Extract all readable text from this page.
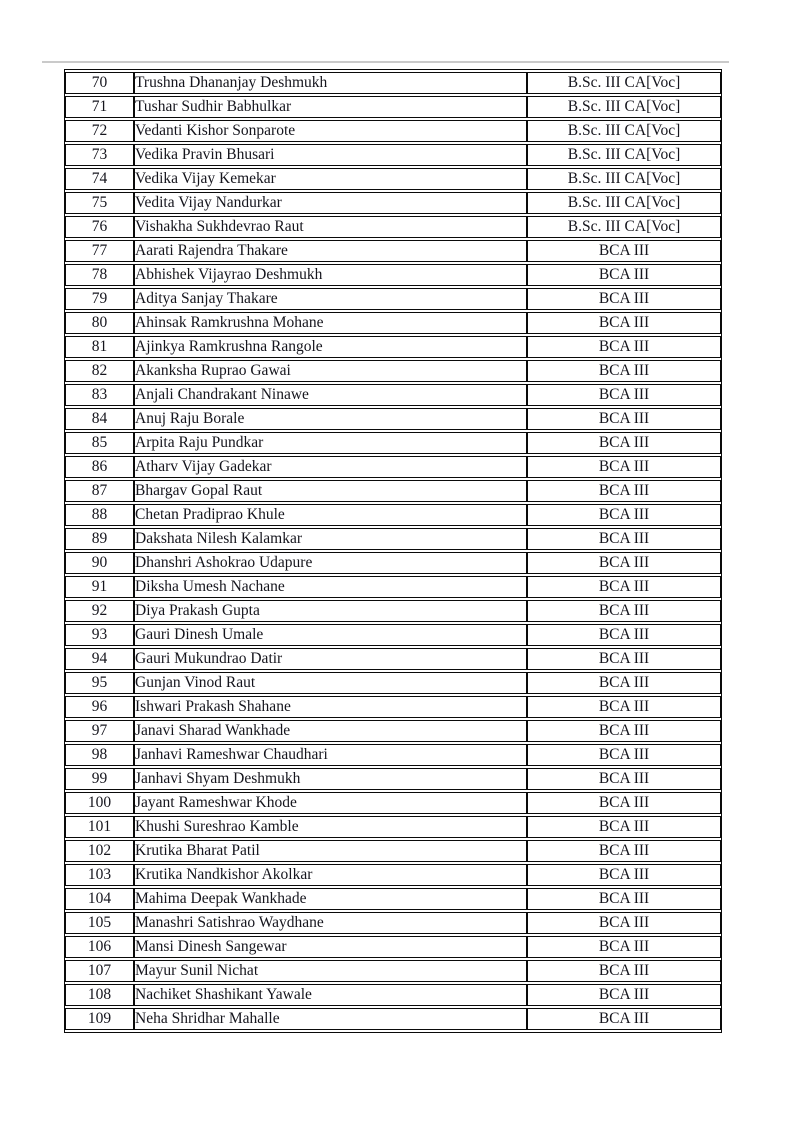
70	Trushna Dhananjay Deshmukh	B.Sc. III CA[Voc]
71	Tushar Sudhir Babhulkar	B.Sc. III CA[Voc]
72	Vedanti Kishor Sonparote	B.Sc. III CA[Voc]
73	Vedika Pravin Bhusari	B.Sc. III CA[Voc]
74	Vedika Vijay Kemekar	B.Sc. III CA[Voc]
75	Vedita Vijay Nandurkar	B.Sc. III CA[Voc]
76	Vishakha Sukhdevrao Raut	B.Sc. III CA[Voc]
77	Aarati Rajendra Thakare	BCA III
78	Abhishek Vijayrao Deshmukh	BCA III
79	Aditya Sanjay Thakare	BCA III
80	Ahinsak Ramkrushna Mohane	BCA III
81	Ajinkya Ramkrushna Rangole	BCA III
82	Akanksha Ruprao Gawai	BCA III
83	Anjali Chandrakant Ninawe	BCA III
84	Anuj Raju Borale	BCA III
85	Arpita Raju Pundkar	BCA III
86	Atharv Vijay Gadekar	BCA III
87	Bhargav Gopal Raut	BCA III
88	Chetan Pradiprao Khule	BCA III
89	Dakshata Nilesh Kalamkar	BCA III
90	Dhanshri Ashokrao Udapure	BCA III
91	Diksha Umesh Nachane	BCA III
92	Diya Prakash Gupta	BCA III
93	Gauri Dinesh Umale	BCA III
94	Gauri Mukundrao Datir	BCA III
95	Gunjan Vinod Raut	BCA III
96	Ishwari Prakash Shahane	BCA III
97	Janavi Sharad Wankhade	BCA III
98	Janhavi Rameshwar Chaudhari	BCA III
99	Janhavi Shyam Deshmukh	BCA III
100	Jayant Rameshwar Khode	BCA III
101	Khushi Sureshrao Kamble	BCA III
102	Krutika Bharat Patil	BCA III
103	Krutika Nandkishor Akolkar	BCA III
104	Mahima Deepak Wankhade	BCA III
105	Manashri Satishrao Waydhane	BCA III
106	Mansi Dinesh Sangewar	BCA III
107	Mayur Sunil Nichat	BCA III
108	Nachiket Shashikant Yawale	BCA III
109	Neha Shridhar Mahalle	BCA III
